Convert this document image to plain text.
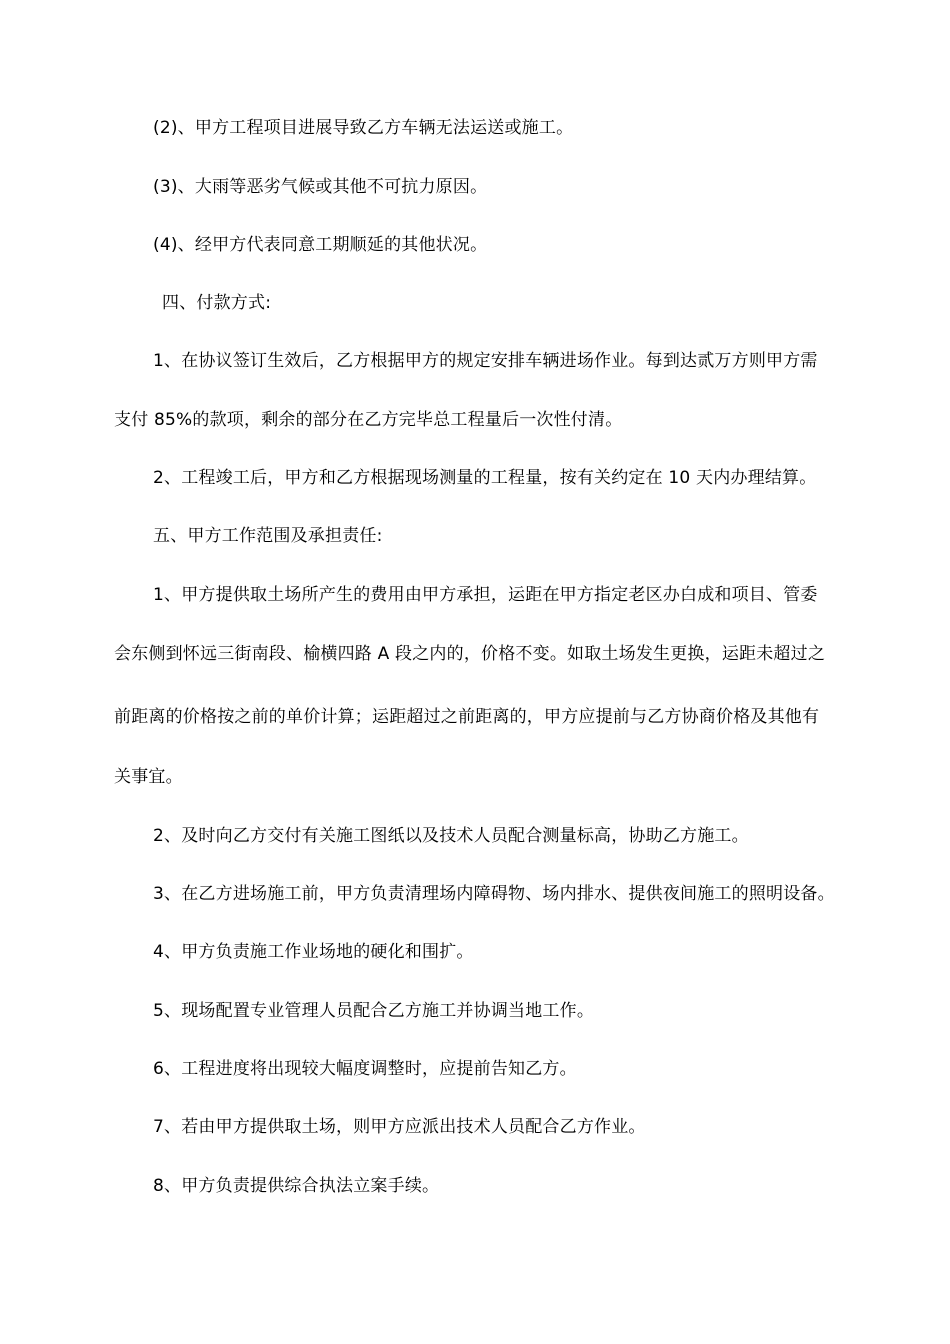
(2)、甲方工程项目进展导致乙方车辆无法运送或施工。
(3)、大雨等恶劣气候或其他不可抗力原因。
(4)、经甲方代表同意工期顺延的其他状况。
四、付款方式:
1、在协议签订生效后，乙方根据甲方的规定安排车辆进场作业。每到达贰万方则甲方需
支付 85%的款项，剩余的部分在乙方完毕总工程量后一次性付清。
2、工程竣工后，甲方和乙方根据现场测量的工程量，按有关约定在 10 天内办理结算。
五、甲方工作范围及承担责任:
1、甲方提供取土场所产生的费用由甲方承担，运距在甲方指定老区办白成和项目、管委
会东侧到怀远三街南段、榆横四路 A 段之内的，价格不变。如取土场发生更换，运距未超过之
前距离的价格按之前的单价计算；运距超过之前距离的，甲方应提前与乙方协商价格及其他有
关事宜。
2、及时向乙方交付有关施工图纸以及技术人员配合测量标高，协助乙方施工。
3、在乙方进场施工前，甲方负责清理场内障碍物、场内排水、提供夜间施工的照明设备。
4、甲方负责施工作业场地的硬化和围扩。
5、现场配置专业管理人员配合乙方施工并协调当地工作。
6、工程进度将出现较大幅度调整时，应提前告知乙方。
7、若由甲方提供取土场，则甲方应派出技术人员配合乙方作业。
8、甲方负责提供综合执法立案手续。
